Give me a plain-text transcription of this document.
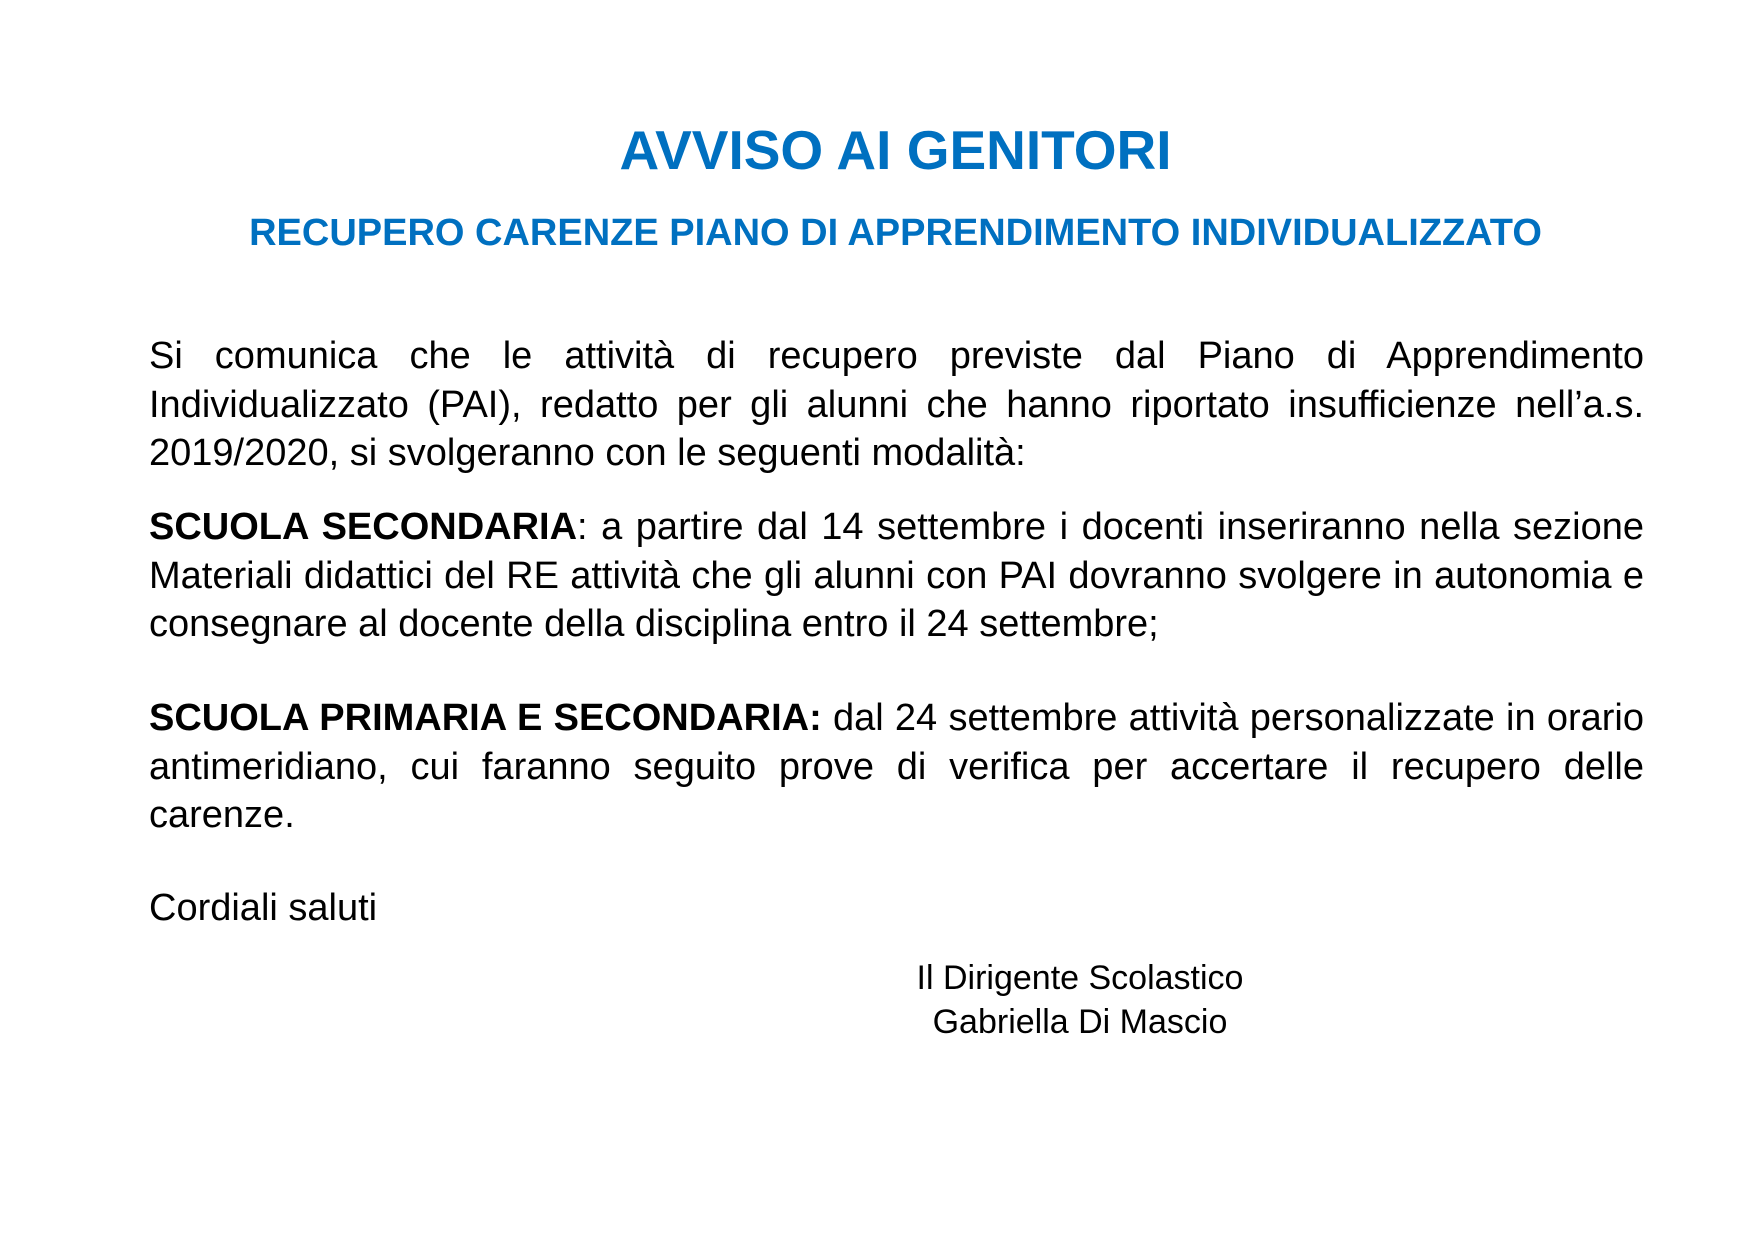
AVVISO AI GENITORI
RECUPERO CARENZE PIANO DI APPRENDIMENTO INDIVIDUALIZZATO

Si comunica che le attività di recupero previste dal Piano di Apprendimento Individualizzato (PAI), redatto per gli alunni che hanno riportato insufficienze nell’a.s. 2019/2020, si svolgeranno con le seguenti modalità:

SCUOLA SECONDARIA: a partire dal 14 settembre i docenti inseriranno nella sezione Materiali didattici del RE attività che gli alunni con PAI dovranno svolgere in autonomia e consegnare al docente della disciplina entro il 24 settembre;

SCUOLA PRIMARIA E SECONDARIA: dal 24 settembre attività personalizzate in orario antimeridiano, cui faranno seguito prove di verifica per accertare il recupero delle carenze.

Cordiali saluti

Il Dirigente Scolastico
Gabriella Di Mascio
